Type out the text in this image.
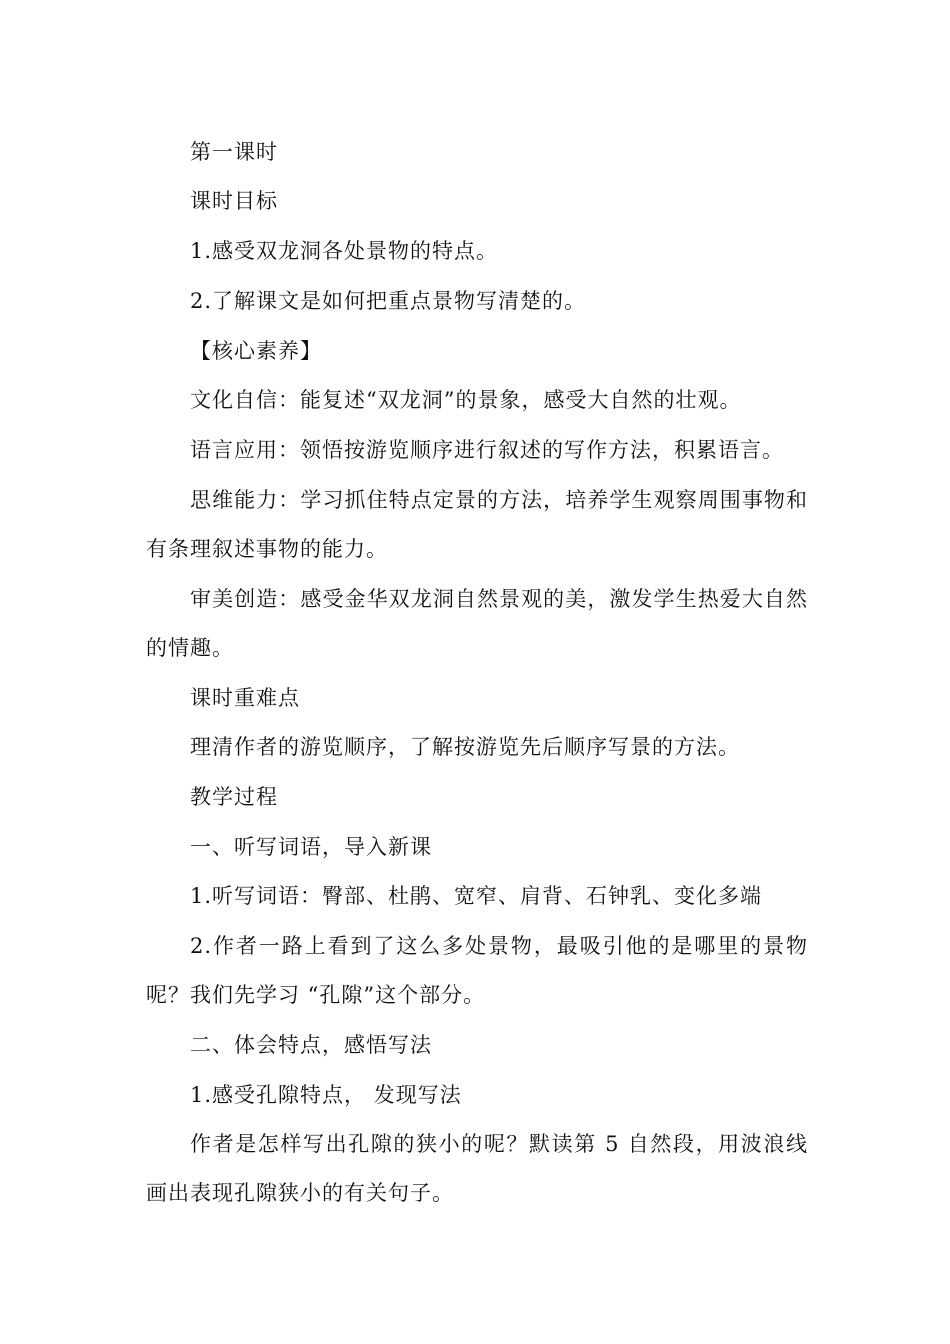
第一课时

课时目标

1.感受双龙洞各处景物的特点。

2.了解课文是如何把重点景物写清楚的。

【核心素养】

文化自信：能复述“双龙洞”的景象，感受大自然的壮观。

语言应用：领悟按游览顺序进行叙述的写作方法，积累语言。

思维能力：学习抓住特点定景的方法，培养学生观察周围事物和有条理叙述事物的能力。

审美创造：感受金华双龙洞自然景观的美，激发学生热爱大自然的情趣。

课时重难点

理清作者的游览顺序，了解按游览先后顺序写景的方法。

教学过程

一、听写词语，导入新课

1.听写词语：臀部、杜鹃、宽窄、肩背、石钟乳、变化多端

2.作者一路上看到了这么多处景物，最吸引他的是哪里的景物呢？我们先学习 “孔隙”这个部分。

二、体会特点，感悟写法

1.感受孔隙特点， 发现写法

作者是怎样写出孔隙的狭小的呢？默读第 5 自然段，用波浪线画出表现孔隙狭小的有关句子。
